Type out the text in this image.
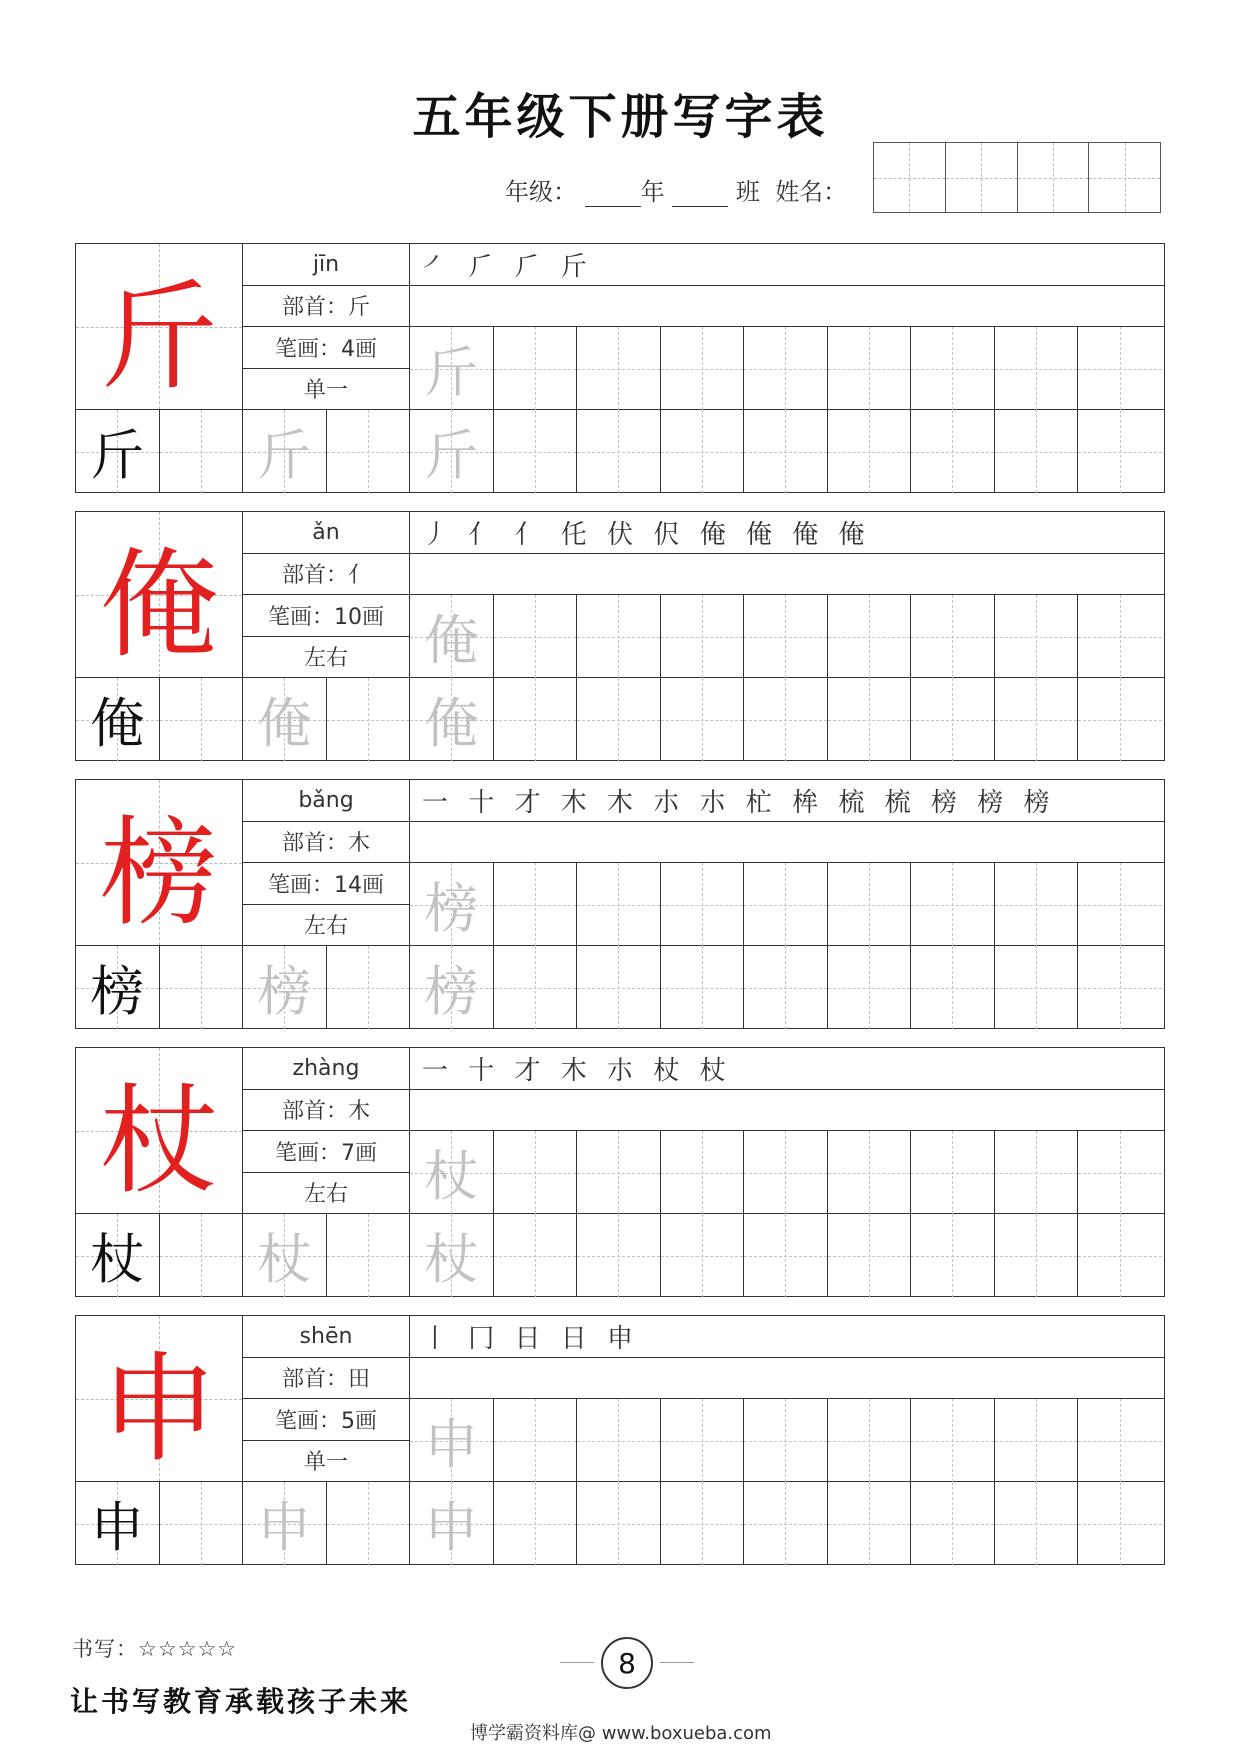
五年级下册写字表
年级：	年	班 姓名：
斤
jīn
部首：斤
笔画：4画
单一
㇒ ⺁ ⺁ 斤
斤
斤 斤 斤
俺
ǎn
部首：亻
笔画：10画
左右
丿 亻 亻 仛 伏 伬 俺 俺 俺 俺
俺
俺 俺 俺
榜
bǎng
部首：木
笔画：14画
左右
一 十 才 木 木 朩 朩 杧 桙 梳 梳 榜 榜 榜
榜
榜 榜 榜
杖
zhàng
部首：木
笔画：7画
左右
一 十 才 木 朩 杖 杖
杖
杖 杖 杖
申
shēn
部首：田
笔画：5画
单一
丨 冂 日 日 申
申
申 申 申
书写：☆☆☆☆☆
让书写教育承载孩子未来
8
博学霸资料库@ www.boxueba.com
